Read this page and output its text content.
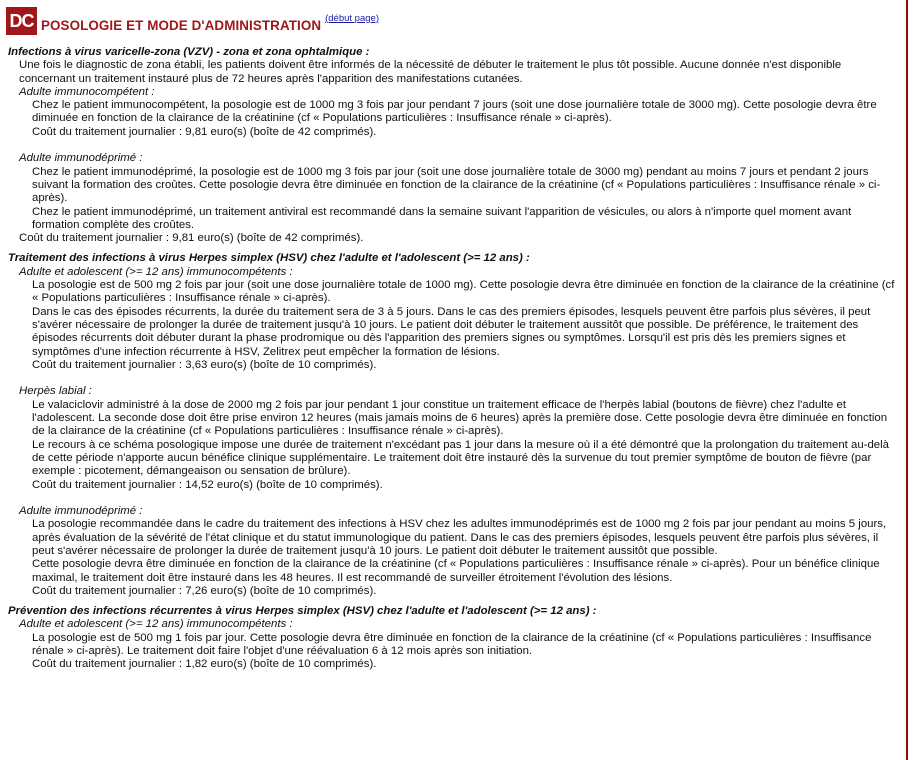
DC POSOLOGIE ET MODE D'ADMINISTRATION (début page)
Infections à virus varicelle-zona (VZV) - zona et zona ophtalmique :
Une fois le diagnostic de zona établi, les patients doivent être informés de la nécessité de débuter le traitement le plus tôt possible. Aucune donnée n'est disponible concernant un traitement instauré plus de 72 heures après l'apparition des manifestations cutanées.
Adulte immunocompétent :
Chez le patient immunocompétent, la posologie est de 1000 mg 3 fois par jour pendant 7 jours (soit une dose journalière totale de 3000 mg). Cette posologie devra être diminuée en fonction de la clairance de la créatinine (cf « Populations particulières : Insuffisance rénale » ci-après).
Coût du traitement journalier : 9,81 euro(s) (boîte de 42 comprimés).
Adulte immunodéprimé :
Chez le patient immunodéprimé, la posologie est de 1000 mg 3 fois par jour (soit une dose journalière totale de 3000 mg) pendant au moins 7 jours et pendant 2 jours suivant la formation des croûtes. Cette posologie devra être diminuée en fonction de la clairance de la créatinine (cf « Populations particulières : Insuffisance rénale » ci-après).
Chez le patient immunodéprimé, un traitement antiviral est recommandé dans la semaine suivant l'apparition de vésicules, ou alors à n'importe quel moment avant formation complète des croûtes.
Coût du traitement journalier : 9,81 euro(s) (boîte de 42 comprimés).
Traitement des infections à virus Herpes simplex (HSV) chez l'adulte et l'adolescent (>= 12 ans) :
Adulte et adolescent (>= 12 ans) immunocompétents :
La posologie est de 500 mg 2 fois par jour (soit une dose journalière totale de 1000 mg). Cette posologie devra être diminuée en fonction de la clairance de la créatinine (cf « Populations particulières : Insuffisance rénale » ci-après).
Dans le cas des épisodes récurrents, la durée du traitement sera de 3 à 5 jours. Dans le cas des premiers épisodes, lesquels peuvent être parfois plus sévères, il peut s'avérer nécessaire de prolonger la durée de traitement jusqu'à 10 jours. Le patient doit débuter le traitement aussitôt que possible. De préférence, le traitement des épisodes récurrents doit débuter durant la phase prodromique ou dès l'apparition des premiers signes ou symptômes. Lorsqu'il est pris dès les premiers signes et symptômes d'une infection récurrente à HSV, Zelitrex peut empêcher la formation de lésions.
Coût du traitement journalier : 3,63 euro(s) (boîte de 10 comprimés).
Herpès labial :
Le valaciclovir administré à la dose de 2000 mg 2 fois par jour pendant 1 jour constitue un traitement efficace de l'herpès labial (boutons de fièvre) chez l'adulte et l'adolescent. La seconde dose doit être prise environ 12 heures (mais jamais moins de 6 heures) après la première dose. Cette posologie devra être diminuée en fonction de la clairance de la créatinine (cf « Populations particulières : Insuffisance rénale » ci-après).
Le recours à ce schéma posologique impose une durée de traitement n'excédant pas 1 jour dans la mesure où il a été démontré que la prolongation du traitement au-delà de cette période n'apporte aucun bénéfice clinique supplémentaire. Le traitement doit être instauré dès la survenue du tout premier symptôme de bouton de fièvre (par exemple : picotement, démangeaison ou sensation de brûlure).
Coût du traitement journalier : 14,52 euro(s) (boîte de 10 comprimés).
Adulte immunodéprimé :
La posologie recommandée dans le cadre du traitement des infections à HSV chez les adultes immunodéprimés est de 1000 mg 2 fois par jour pendant au moins 5 jours, après évaluation de la sévérité de l'état clinique et du statut immunologique du patient. Dans le cas des premiers épisodes, lesquels peuvent être parfois plus sévères, il peut s'avérer nécessaire de prolonger la durée de traitement jusqu'à 10 jours. Le patient doit débuter le traitement aussitôt que possible.
Cette posologie devra être diminuée en fonction de la clairance de la créatinine (cf « Populations particulières : Insuffisance rénale » ci-après). Pour un bénéfice clinique maximal, le traitement doit être instauré dans les 48 heures. Il est recommandé de surveiller étroitement l'évolution des lésions.
Coût du traitement journalier : 7,26 euro(s) (boîte de 10 comprimés).
Prévention des infections récurrentes à virus Herpes simplex (HSV) chez l'adulte et l'adolescent (>= 12 ans) :
Adulte et adolescent (>= 12 ans) immunocompétents :
La posologie est de 500 mg 1 fois par jour. Cette posologie devra être diminuée en fonction de la clairance de la créatinine (cf « Populations particulières : Insuffisance rénale » ci-après). Le traitement doit faire l'objet d'une réévaluation 6 à 12 mois après son initiation.
Coût du traitement journalier : 1,82 euro(s) (boîte de 10 comprimés).
